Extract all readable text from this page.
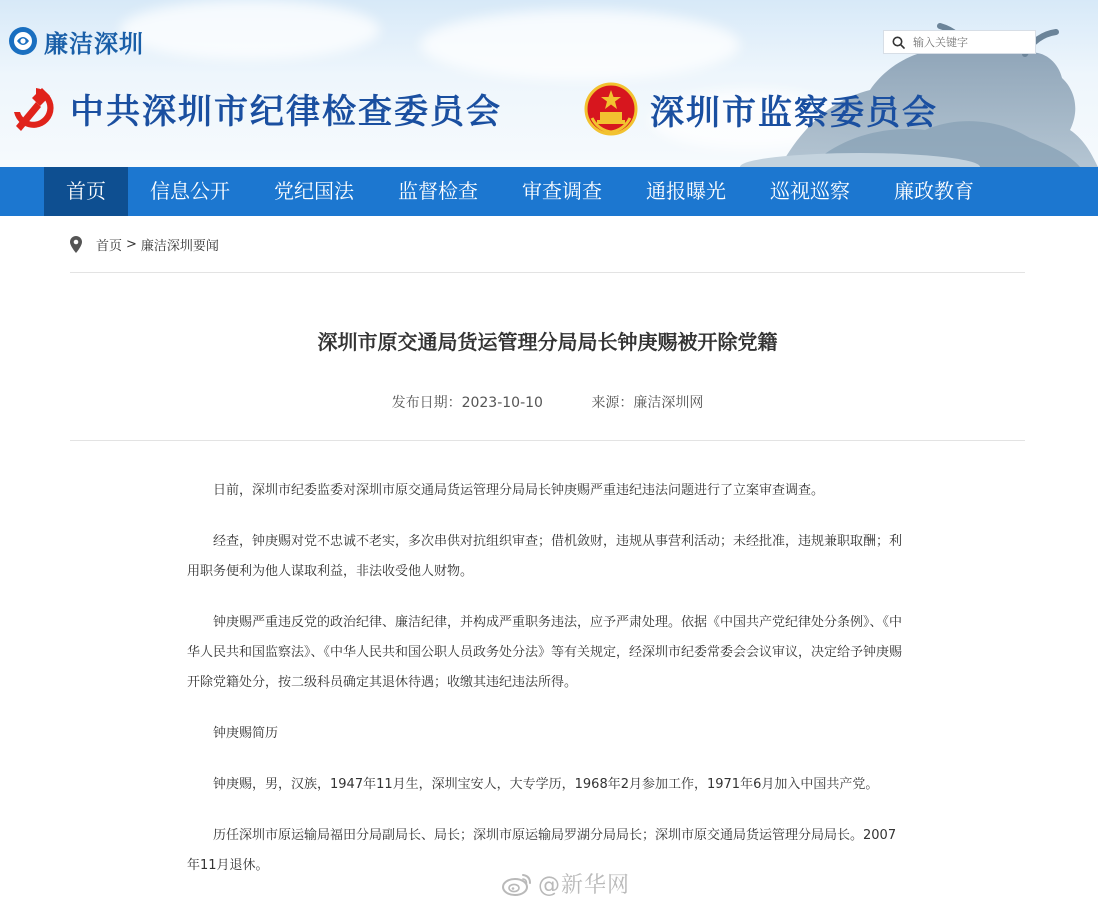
廉洁深圳
输入关键字
中共深圳市纪律检查委员会	深圳市监察委员会
首页	信息公开	党纪国法	监督检查	审查调查	通报曝光	巡视巡察	廉政教育
首页 > 廉洁深圳要闻
深圳市原交通局货运管理分局局长钟庚赐被开除党籍
发布日期：2023-10-10	来源：廉洁深圳网

日前，深圳市纪委监委对深圳市原交通局货运管理分局局长钟庚赐严重违纪违法问题进行了立案审查调查。

经查，钟庚赐对党不忠诚不老实，多次串供对抗组织审查；借机敛财，违规从事营利活动；未经批准，违规兼职取酬；利用职务便利为他人谋取利益，非法收受他人财物。

钟庚赐严重违反党的政治纪律、廉洁纪律，并构成严重职务违法，应予严肃处理。依据《中国共产党纪律处分条例》、《中华人民共和国监察法》、《中华人民共和国公职人员政务处分法》等有关规定，经深圳市纪委常委会会议审议，决定给予钟庚赐开除党籍处分，按二级科员确定其退休待遇；收缴其违纪违法所得。

钟庚赐简历

钟庚赐，男，汉族，1947年11月生，深圳宝安人，大专学历，1968年2月参加工作，1971年6月加入中国共产党。

历任深圳市原运输局福田分局副局长、局长；深圳市原运输局罗湖分局局长；深圳市原交通局货运管理分局局长。2007年11月退休。

@新华网
